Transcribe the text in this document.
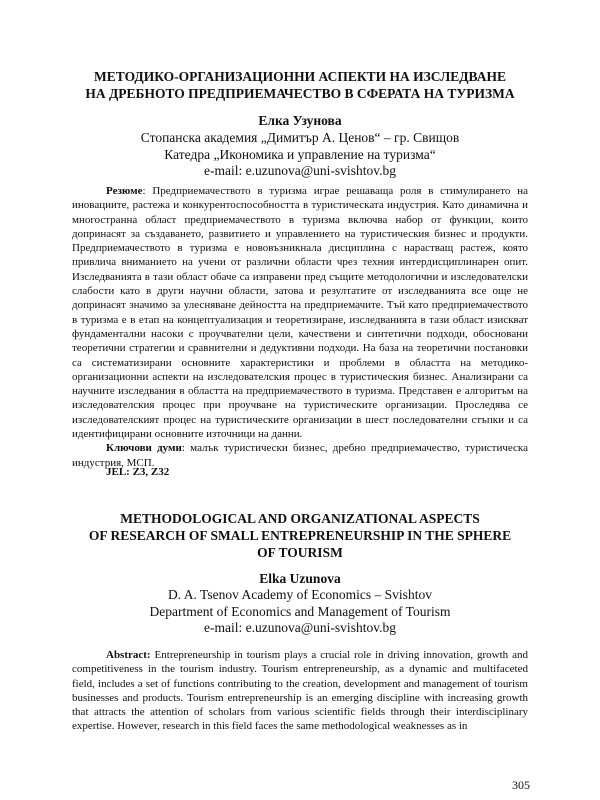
МЕТОДИКО-ОРГАНИЗАЦИОННИ АСПЕКТИ НА ИЗСЛЕДВАНЕ
НА ДРЕБНОТО ПРЕДПРИЕМАЧЕСТВО В СФЕРАТА НА ТУРИЗМА

Елка Узунова

Стопанска академия „Димитър А. Ценов“ – гр. Свищов
Катедра „Икономика и управление на туризма“
e-mail: e.uzunova@uni-svishtov.bg
Резюме: Предприемачеството в туризма играе решаваща роля в стимулирането на иновациите, растежа и конкурентоспособността в туристическата индустрия. Като динамична и многостранна област предприемачеството в туризма включва набор от функции, които допринасят за създаването, развитието и управлението на туристическия бизнес и продукти. Предприемачеството в туризма е нововъзникнала дисциплина с нарастващ растеж, която привлича вниманието на учени от различни области чрез техния интердисциплинарен опит. Изследванията в тази област обаче са изправени пред същите методологични и изследователски слабости като в други научни области, затова и резултатите от изследванията все още не допринасят значимо за улесняване дейността на предприемачите. Тъй като предприемачеството в туризма е в етап на концептуализация и теоретизиране, изследванията в тази област изискват фундаментални насоки с проучвателни цели, качествени и синтетични подходи, обосновани теоретични стратегии и сравнителни и дедуктивни подходи. На база на теоретични постановки са систематизирани основните характеристики и проблеми в областта на методико-организационни аспекти на изследователския процес в туристическия бизнес. Анализирани са научните изследвания в областта на предприемачеството в туризма. Представен е алгоритъм на изследователския процес при проучване на туристическите организации. Проследява се изследователският процес на туристическите организации в шест последователни стъпки и са идентифицирани основните източници на данни.
Ключови думи: малък туристически бизнес, дребно предприемачество, туристическа индустрия, МСП.

JEL: Z3, Z32

METHODOLOGICAL AND ORGANIZATIONAL ASPECTS
OF RESEARCH OF SMALL ENTREPRENEURSHIP IN THE SPHERE
OF TOURISM

Elka Uzunova

D. A. Tsenov Academy of Economics – Svishtov
Department of Economics and Management of Tourism
e-mail: e.uzunova@uni-svishtov.bg
Abstract: Entrepreneurship in tourism plays a crucial role in driving innovation, growth and competitiveness in the tourism industry. Tourism entrepreneurship, as a dynamic and multifaceted field, includes a set of functions contributing to the creation, development and management of tourism businesses and products. Tourism entrepreneurship is an emerging discipline with increasing growth that attracts the attention of scholars from various scientific fields through their interdisciplinary expertise. However, research in this field faces the same methodological weaknesses as in

305
